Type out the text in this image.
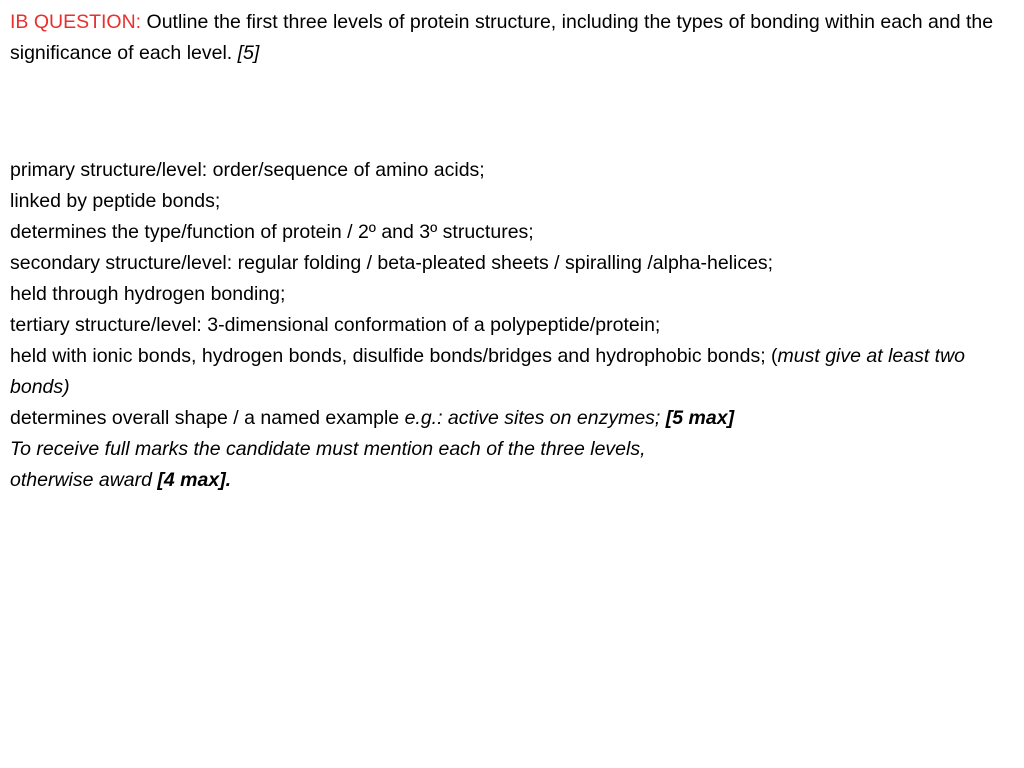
IB QUESTION: Outline the first three levels of protein structure, including the types of bonding within each and the significance of each level. [5]

primary structure/level: order/sequence of amino acids;
linked by peptide bonds;
determines the type/function of protein / 2º and 3º structures;
secondary structure/level: regular folding / beta-pleated sheets / spiralling /alpha-helices;
held through hydrogen bonding;
tertiary structure/level: 3-dimensional conformation of a polypeptide/protein;
held with ionic bonds, hydrogen bonds, disulfide bonds/bridges and hydrophobic bonds; (must give at least two bonds)
determines overall shape / a named example e.g.: active sites on enzymes; [5 max]
To receive full marks the candidate must mention each of the three levels,
otherwise award [4 max].
